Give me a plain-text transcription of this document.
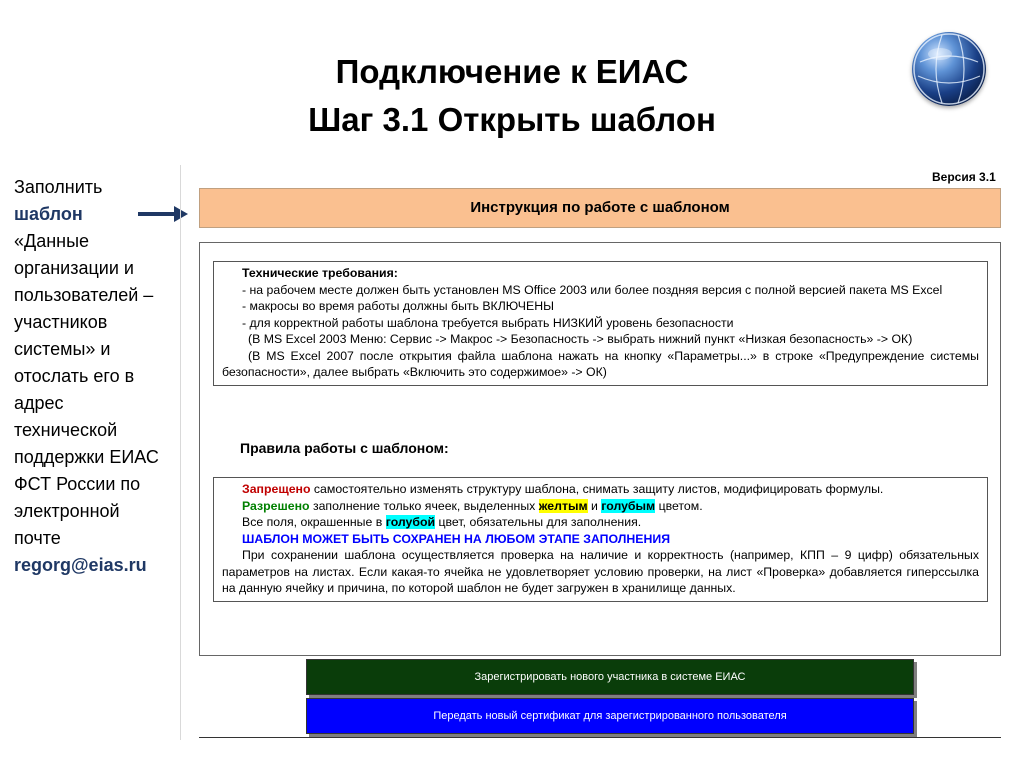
Подключение к ЕИАС
Шаг 3.1 Открыть шаблон
Заполнить
шаблон
«Данные организации и пользователей – участников системы» и отослать его в адрес технической поддержки ЕИАС ФСТ России по электронной почте
regorg@eias.ru
Версия 3.1
Инструкция по работе с шаблоном
Технические требования:
- на рабочем месте должен быть установлен MS Office 2003 или более поздняя версия с полной версией пакета MS Excel
- макросы во время работы должны быть ВКЛЮЧЕНЫ
- для корректной работы шаблона требуется выбрать НИЗКИЙ уровень безопасности
(В MS Excel 2003 Меню: Сервис -> Макрос -> Безопасность -> выбрать нижний пункт «Низкая безопасность» -> ОК)
(В MS Excel 2007 после открытия файла шаблона нажать на кнопку «Параметры...» в строке «Предупреждение системы безопасности», далее выбрать «Включить это содержимое» -> ОК)
Правила работы с шаблоном:
Запрещено самостоятельно изменять структуру шаблона, снимать защиту листов, модифицировать формулы.
Разрешено заполнение только ячеек, выделенных желтым и голубым цветом.
Все поля, окрашенные в голубой цвет, обязательны для заполнения.
ШАБЛОН МОЖЕТ БЫТЬ СОХРАНЕН НА ЛЮБОМ ЭТАПЕ ЗАПОЛНЕНИЯ
При сохранении шаблона осуществляется проверка на наличие и корректность (например, КПП – 9 цифр) обязательных параметров на листах. Если какая-то ячейка не удовлетворяет условию проверки, на лист «Проверка» добавляется гиперссылка на данную ячейку и причина, по которой шаблон не будет загружен в хранилище данных.
Зарегистрировать нового участника в системе ЕИАС
Передать новый сертификат для зарегистрированного пользователя
